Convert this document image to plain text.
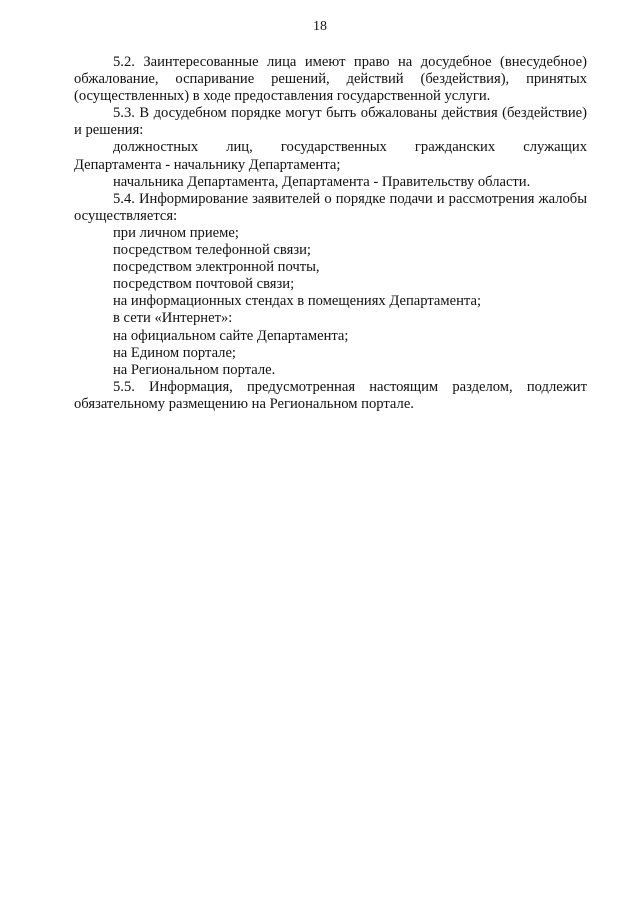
18

5.2. Заинтересованные лица имеют право на досудебное (внесудебное) обжалование, оспаривание решений, действий (бездействия), принятых (осуществленных) в ходе предоставления государственной услуги.

5.3. В досудебном порядке могут быть обжалованы действия (бездействие) и решения:

должностных лиц, государственных гражданских служащих

Департамента - начальнику Департамента;

начальника Департамента, Департамента - Правительству области.

5.4. Информирование заявителей о порядке подачи и рассмотрения жалобы осуществляется:

при личном приеме;

посредством телефонной связи;

посредством электронной почты,

посредством почтовой связи;

на информационных стендах в помещениях Департамента;

в сети «Интернет»:

на официальном сайте Департамента;

на Едином портале;

на Региональном портале.

5.5. Информация, предусмотренная настоящим разделом, подлежит обязательному размещению на Региональном портале.
